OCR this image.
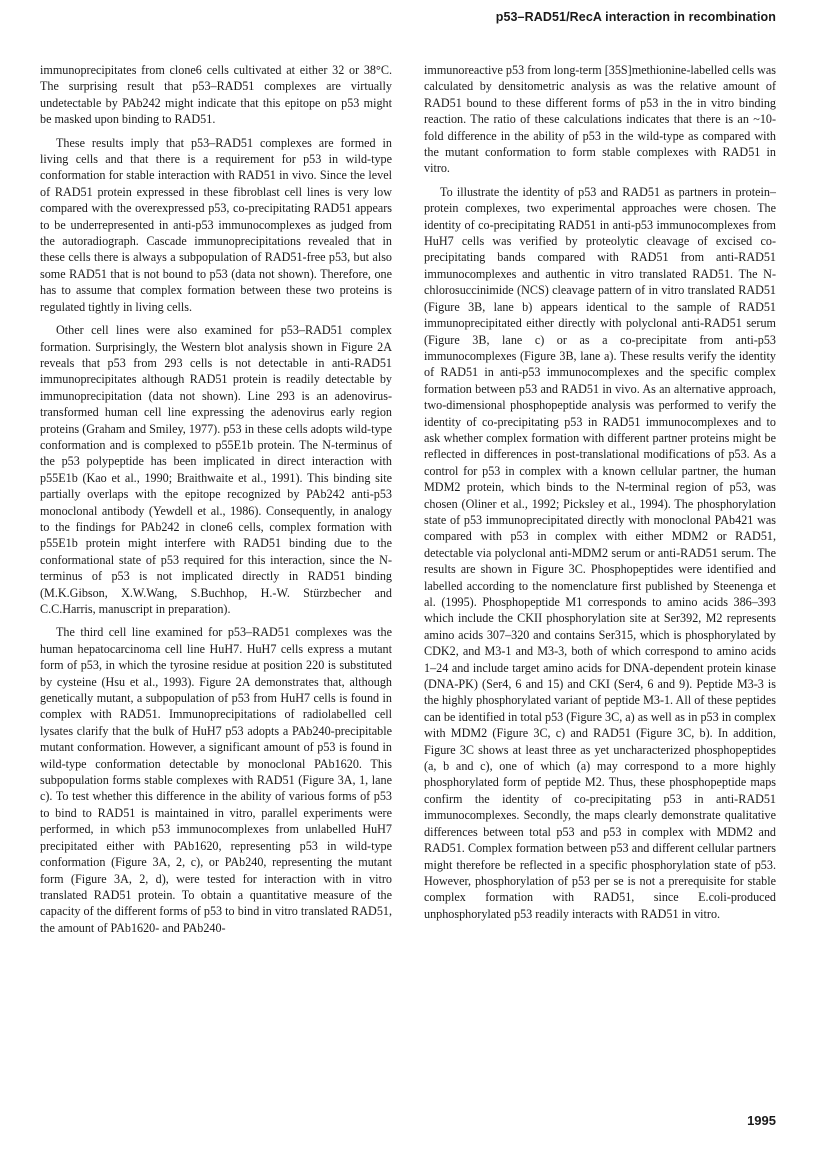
p53–RAD51/RecA interaction in recombination

immunoprecipitates from clone6 cells cultivated at either 32 or 38°C. The surprising result that p53–RAD51 complexes are virtually undetectable by PAb242 might indicate that this epitope on p53 might be masked upon binding to RAD51.

These results imply that p53–RAD51 complexes are formed in living cells and that there is a requirement for p53 in wild-type conformation for stable interaction with RAD51 in vivo. Since the level of RAD51 protein expressed in these fibroblast cell lines is very low compared with the overexpressed p53, co-precipitating RAD51 appears to be underrepresented in anti-p53 immunocomplexes as judged from the autoradiograph. Cascade immunoprecipitations revealed that in these cells there is always a subpopulation of RAD51-free p53, but also some RAD51 that is not bound to p53 (data not shown). Therefore, one has to assume that complex formation between these two proteins is regulated tightly in living cells.

Other cell lines were also examined for p53–RAD51 complex formation. Surprisingly, the Western blot analysis shown in Figure 2A reveals that p53 from 293 cells is not detectable in anti-RAD51 immunoprecipitates although RAD51 protein is readily detectable by immunoprecipitation (data not shown). Line 293 is an adenovirus-transformed human cell line expressing the adenovirus early region proteins (Graham and Smiley, 1977). p53 in these cells adopts wild-type conformation and is complexed to p55E1b protein. The N-terminus of the p53 polypeptide has been implicated in direct interaction with p55E1b (Kao et al., 1990; Braithwaite et al., 1991). This binding site partially overlaps with the epitope recognized by PAb242 anti-p53 monoclonal antibody (Yewdell et al., 1986). Consequently, in analogy to the findings for PAb242 in clone6 cells, complex formation with p55E1b protein might interfere with RAD51 binding due to the conformational state of p53 required for this interaction, since the N-terminus of p53 is not implicated directly in RAD51 binding (M.K.Gibson, X.W.Wang, S.Buchhop, H.-W. Stürzbecher and C.C.Harris, manuscript in preparation).

The third cell line examined for p53–RAD51 complexes was the human hepatocarcinoma cell line HuH7. HuH7 cells express a mutant form of p53, in which the tyrosine residue at position 220 is substituted by cysteine (Hsu et al., 1993). Figure 2A demonstrates that, although genetically mutant, a subpopulation of p53 from HuH7 cells is found in complex with RAD51. Immunoprecipitations of radiolabelled cell lysates clarify that the bulk of HuH7 p53 adopts a PAb240-precipitable mutant conformation. However, a significant amount of p53 is found in wild-type conformation detectable by monoclonal PAb1620. This subpopulation forms stable complexes with RAD51 (Figure 3A, 1, lane c). To test whether this difference in the ability of various forms of p53 to bind to RAD51 is maintained in vitro, parallel experiments were performed, in which p53 immunocomplexes from unlabelled HuH7 precipitated either with PAb1620, representing p53 in wild-type conformation (Figure 3A, 2, c), or PAb240, representing the mutant form (Figure 3A, 2, d), were tested for interaction with in vitro translated RAD51 protein. To obtain a quantitative measure of the capacity of the different forms of p53 to bind in vitro translated RAD51, the amount of PAb1620- and PAb240-

immunoreactive p53 from long-term [35S]methionine-labelled cells was calculated by densitometric analysis as was the relative amount of RAD51 bound to these different forms of p53 in the in vitro binding reaction. The ratio of these calculations indicates that there is an ~10-fold difference in the ability of p53 in the wild-type as compared with the mutant conformation to form stable complexes with RAD51 in vitro.

To illustrate the identity of p53 and RAD51 as partners in protein–protein complexes, two experimental approaches were chosen. The identity of co-precipitating RAD51 in anti-p53 immunocomplexes from HuH7 cells was verified by proteolytic cleavage of excised co-precipitating bands compared with RAD51 from anti-RAD51 immunocomplexes and authentic in vitro translated RAD51. The N-chlorosuccinimide (NCS) cleavage pattern of in vitro translated RAD51 (Figure 3B, lane b) appears identical to the sample of RAD51 immunoprecipitated either directly with polyclonal anti-RAD51 serum (Figure 3B, lane c) or as a co-precipitate from anti-p53 immunocomplexes (Figure 3B, lane a). These results verify the identity of RAD51 in anti-p53 immunocomplexes and the specific complex formation between p53 and RAD51 in vivo. As an alternative approach, two-dimensional phosphopeptide analysis was performed to verify the identity of co-precipitating p53 in RAD51 immunocomplexes and to ask whether complex formation with different partner proteins might be reflected in differences in post-translational modifications of p53. As a control for p53 in complex with a known cellular partner, the human MDM2 protein, which binds to the N-terminal region of p53, was chosen (Oliner et al., 1992; Picksley et al., 1994). The phosphorylation state of p53 immunoprecipitated directly with monoclonal PAb421 was compared with p53 in complex with either MDM2 or RAD51, detectable via polyclonal anti-MDM2 serum or anti-RAD51 serum. The results are shown in Figure 3C. Phosphopeptides were identified and labelled according to the nomenclature first published by Steenenga et al. (1995). Phosphopeptide M1 corresponds to amino acids 386–393 which include the CKII phosphorylation site at Ser392, M2 represents amino acids 307–320 and contains Ser315, which is phosphorylated by CDK2, and M3-1 and M3-3, both of which correspond to amino acids 1–24 and include target amino acids for DNA-dependent protein kinase (DNA-PK) (Ser4, 6 and 15) and CKI (Ser4, 6 and 9). Peptide M3-3 is the highly phosphorylated variant of peptide M3-1. All of these peptides can be identified in total p53 (Figure 3C, a) as well as in p53 in complex with MDM2 (Figure 3C, c) and RAD51 (Figure 3C, b). In addition, Figure 3C shows at least three as yet uncharacterized phosphopeptides (a, b and c), one of which (a) may correspond to a more highly phosphorylated form of peptide M2. Thus, these phosphopeptide maps confirm the identity of co-precipitating p53 in anti-RAD51 immunocomplexes. Secondly, the maps clearly demonstrate qualitative differences between total p53 and p53 in complex with MDM2 and RAD51. Complex formation between p53 and different cellular partners might therefore be reflected in a specific phosphorylation state of p53. However, phosphorylation of p53 per se is not a prerequisite for stable complex formation with RAD51, since E.coli-produced unphosphorylated p53 readily interacts with RAD51 in vitro.

1995
